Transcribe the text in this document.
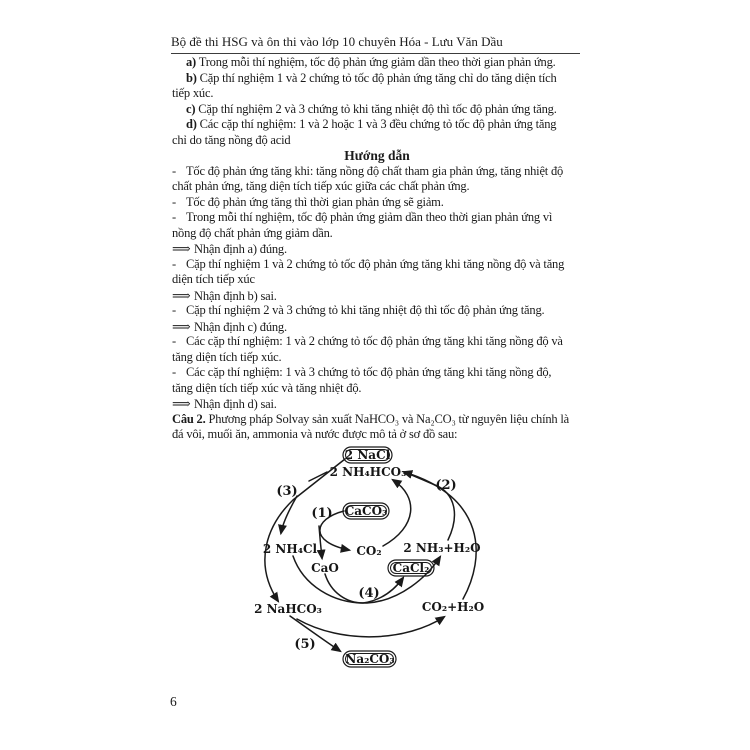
Bộ đề thi HSG và ôn thi vào lớp 10 chuyên Hóa - Lưu Văn Dầu
a) Trong mỗi thí nghiệm, tốc độ phản ứng giảm dần theo thời gian phản ứng.
b) Cặp thí nghiệm 1 và 2 chứng tỏ tốc độ phản ứng tăng chỉ do tăng diện tích
tiếp xúc.
c) Cặp thí nghiệm 2 và 3 chứng tỏ khi tăng nhiệt độ thì tốc độ phản ứng tăng.
d) Các cặp thí nghiệm: 1 và 2 hoặc 1 và 3 đều chứng tỏ tốc độ phản ứng tăng
chỉ do tăng nồng độ acid
Hướng dẫn
- Tốc độ phản ứng tăng khi: tăng nồng độ chất tham gia phản ứng, tăng nhiệt độ
chất phản ứng, tăng diện tích tiếp xúc giữa các chất phản ứng.
- Tốc độ phản ứng tăng thì thời gian phản ứng sẽ giảm.
- Trong mỗi thí nghiệm, tốc độ phản ứng giảm dần theo thời gian phản ứng vì
nồng độ chất phản ứng giảm dần.
⟹ Nhận định a) đúng.
- Cặp thí nghiệm 1 và 2 chứng tỏ tốc độ phản ứng tăng khi tăng nồng độ và tăng
diện tích tiếp xúc
⟹ Nhận định b) sai.
- Cặp thí nghiệm 2 và 3 chứng tỏ khi tăng nhiệt độ thì tốc độ phản ứng tăng.
⟹ Nhận định c) đúng.
- Các cặp thí nghiệm: 1 và 2 chứng tỏ tốc độ phản ứng tăng khi tăng nồng độ và
tăng diện tích tiếp xúc.
- Các cặp thí nghiệm: 1 và 3 chứng tỏ tốc độ phản ứng tăng khi tăng nồng độ,
tăng diện tích tiếp xúc và tăng nhiệt độ.
⟹ Nhận định d) sai.
Câu 2. Phương pháp Solvay sản xuất NaHCO₃ và Na₂CO₃ từ nguyên liệu chính là
đá vôi, muối ăn, ammonia và nước được mô tả ở sơ đồ sau:
2 NaCl
2 NH₄HCO₃
CaCO₃
2 NH₄Cl	CO₂ 2 NH₃+H₂O
CaO	CaCl₂
2 NaHCO₃	CO₂+H₂O
Na₂CO₃
(1)
(2)
(3)
(4)
(5)
6
